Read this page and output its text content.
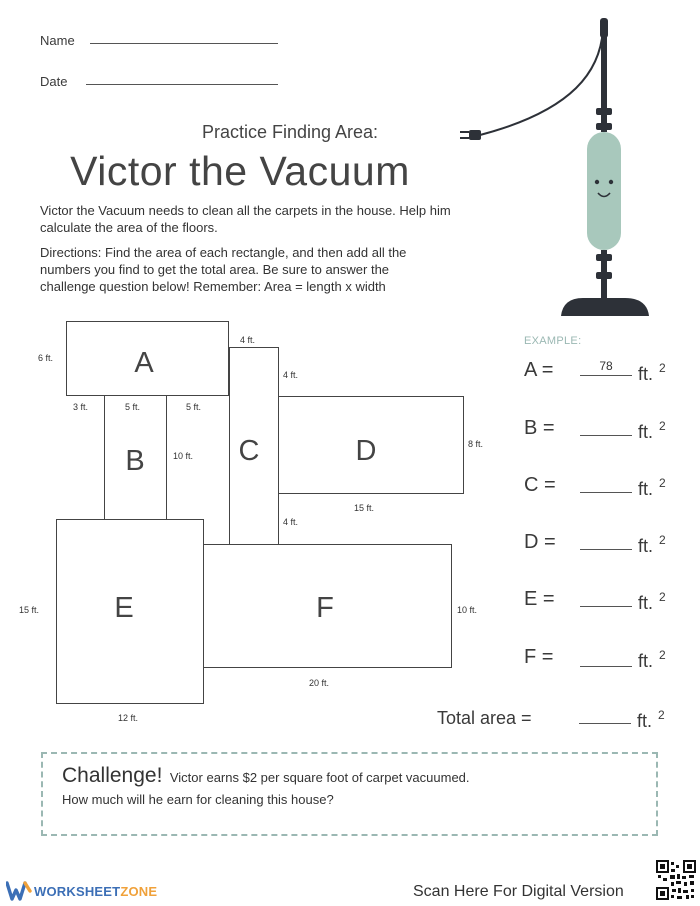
Name
Date
Practice Finding Area:
Victor the Vacuum
Victor the Vacuum needs to clean all the carpets in the house. Help him calculate the area of the floors.
Directions: Find the area of each rectangle, and then add all the numbers you find to get the total area. Be sure to answer the challenge question below! Remember: Area = length x width
A
B	C	D
E	F
6 ft.
4 ft.
4 ft.
3 ft.	5 ft.	5 ft.
10 ft.
8 ft.
15 ft.
4 ft.
15 ft.	10 ft.
20 ft.
12 ft.
EXAMPLE:
A =	78	ft. $^2$
B =	ft. $^2$
C =	ft. $^2$
D =	ft. $^2$
E =	ft. $^2$
F =	ft. $^2$
Total area =	ft. $^2$
Challenge! Victor earns $2 per square foot of carpet vacuumed.
How much will he earn for cleaning this house?
WORKSHEETZONE	Scan Here For Digital Version
